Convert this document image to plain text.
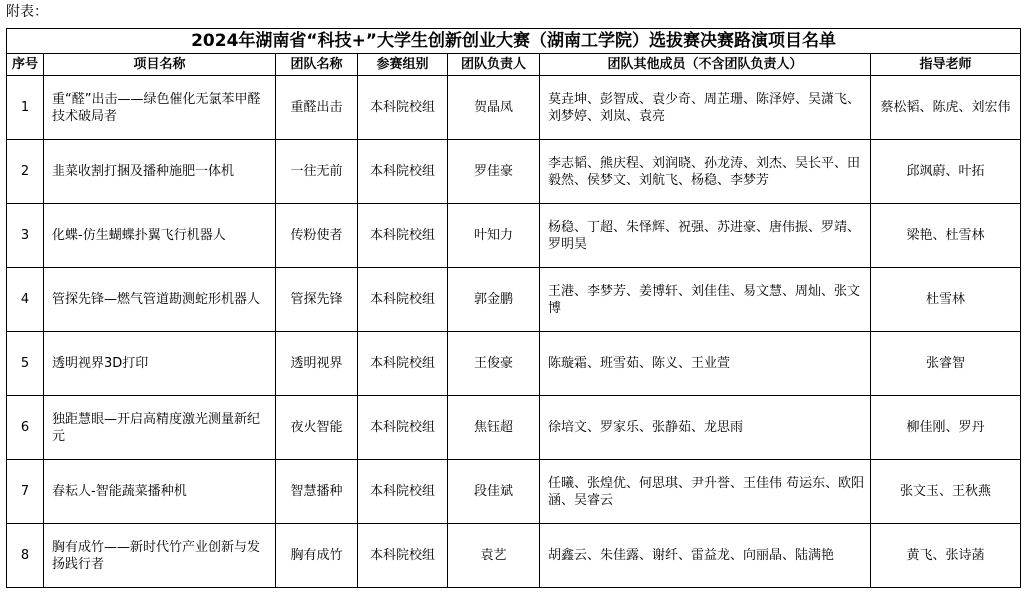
附表：
2024年湖南省“科技+”大学生创新创业大赛（湖南工学院）选拔赛决赛路演项目名单						
序号	项目名称	团队名称	参赛组别	团队负责人	团队其他成员（不含团队负责人）	指导老师
1	重“醛”出击——绿色催化无氯苯甲醛技术破局者	重醛出击	本科院校组	贺晶凤	莫垚坤、彭智成、袁少奇、周芷珊、陈泽婷、吴潇飞、刘梦婷、刘岚、袁亮	蔡松韬、陈虎、刘宏伟
2	韭菜收割打捆及播种施肥一体机	一往无前	本科院校组	罗佳豪	李志韬、熊庆程、刘润晓、孙龙涛、刘杰、吴长平、田毅然、侯梦文、刘航飞、杨稳、李梦芳	邱飒蔚、叶拓
3	化蝶-仿生蝴蝶扑翼飞行机器人	传粉使者	本科院校组	叶知力	杨稳、丁超、朱怿辉、祝强、苏进豪、唐伟振、罗靖、罗明昊	梁艳、杜雪林
4	管探先锋—燃气管道勘测蛇形机器人	管探先锋	本科院校组	郭金鹏	王港、李梦芳、姜博轩、刘佳佳、易文慧、周灿、张文博	杜雪林
5	透明视界3D打印	透明视界	本科院校组	王俊豪	陈璇霜、班雪茹、陈义、王业萱	张睿智
6	独距慧眼—开启高精度激光测量新纪元	夜火智能	本科院校组	焦钰超	徐培文、罗家乐、张静茹、龙思雨	柳佳刚、罗丹
7	春耘人-智能蔬菜播种机	智慧播种	本科院校组	段佳斌	任曦、张煌优、何思琪、尹升誉、王佳伟 苟运东、欧阳涵、吴睿云	张文玉、王秋燕
8	胸有成竹——新时代竹产业创新与发扬践行者	胸有成竹	本科院校组	袁艺	胡鑫云、朱佳露、谢纤、雷益龙、向丽晶、陆满艳	黄飞、张诗菡
